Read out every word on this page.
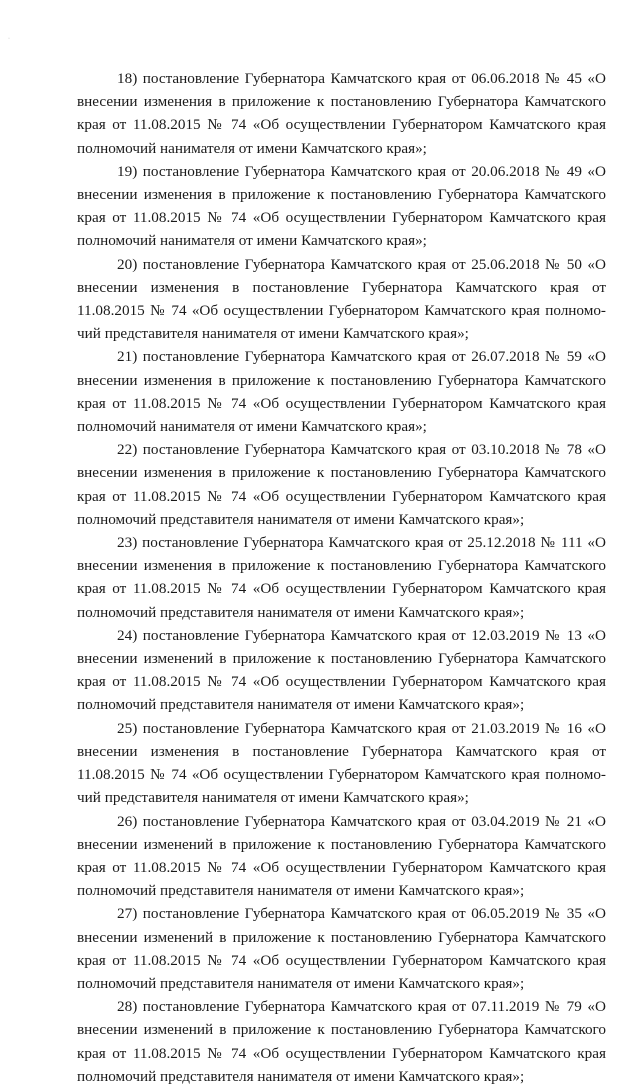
·

18) постановление Губернатора Камчатского края от 06.06.2018 № 45 «О
внесении изменения в приложение к постановлению Губернатора Камчатского
края от 11.08.2015 № 74 «Об осуществлении Губернатором Камчатского края
полномочий нанимателя от имени Камчатского края»;

19) постановление Губернатора Камчатского края от 20.06.2018 № 49 «О
внесении изменения в приложение к постановлению Губернатора Камчатского
края от 11.08.2015 № 74 «Об осуществлении Губернатором Камчатского края
полномочий нанимателя от имени Камчатского края»;

20) постановление Губернатора Камчатского края от 25.06.2018 № 50 «О
внесении изменения в постановление Губернатора Камчатского края от
11.08.2015 № 74 «Об осуществлении Губернатором Камчатского края полномо-
чий представителя нанимателя от имени Камчатского края»;

21) постановление Губернатора Камчатского края от 26.07.2018 № 59 «О
внесении изменения в приложение к постановлению Губернатора Камчатского
края от 11.08.2015 № 74 «Об осуществлении Губернатором Камчатского края
полномочий нанимателя от имени Камчатского края»;

22) постановление Губернатора Камчатского края от 03.10.2018 № 78 «О
внесении изменения в приложение к постановлению Губернатора Камчатского
края от 11.08.2015 № 74 «Об осуществлении Губернатором Камчатского края
полномочий представителя нанимателя от имени Камчатского края»;

23) постановление Губернатора Камчатского края от 25.12.2018 № 111 «О
внесении изменения в приложение к постановлению Губернатора Камчатского
края от 11.08.2015 № 74 «Об осуществлении Губернатором Камчатского края
полномочий представителя нанимателя от имени Камчатского края»;

24) постановление Губернатора Камчатского края от 12.03.2019 № 13 «О
внесении изменений в приложение к постановлению Губернатора Камчатского
края от 11.08.2015 № 74 «Об осуществлении Губернатором Камчатского края
полномочий представителя нанимателя от имени Камчатского края»;

25) постановление Губернатора Камчатского края от 21.03.2019 № 16 «О
внесении изменения в постановление Губернатора Камчатского края от
11.08.2015 № 74 «Об осуществлении Губернатором Камчатского края полномо-
чий представителя нанимателя от имени Камчатского края»;

26) постановление Губернатора Камчатского края от 03.04.2019 № 21 «О
внесении изменений в приложение к постановлению Губернатора Камчатского
края от 11.08.2015 № 74 «Об осуществлении Губернатором Камчатского края
полномочий представителя нанимателя от имени Камчатского края»;

27) постановление Губернатора Камчатского края от 06.05.2019 № 35 «О
внесении изменений в приложение к постановлению Губернатора Камчатского
края от 11.08.2015 № 74 «Об осуществлении Губернатором Камчатского края
полномочий представителя нанимателя от имени Камчатского края»;

28) постановление Губернатора Камчатского края от 07.11.2019 № 79 «О
внесении изменений в приложение к постановлению Губернатора Камчатского
края от 11.08.2015 № 74 «Об осуществлении Губернатором Камчатского края
полномочий представителя нанимателя от имени Камчатского края»;
